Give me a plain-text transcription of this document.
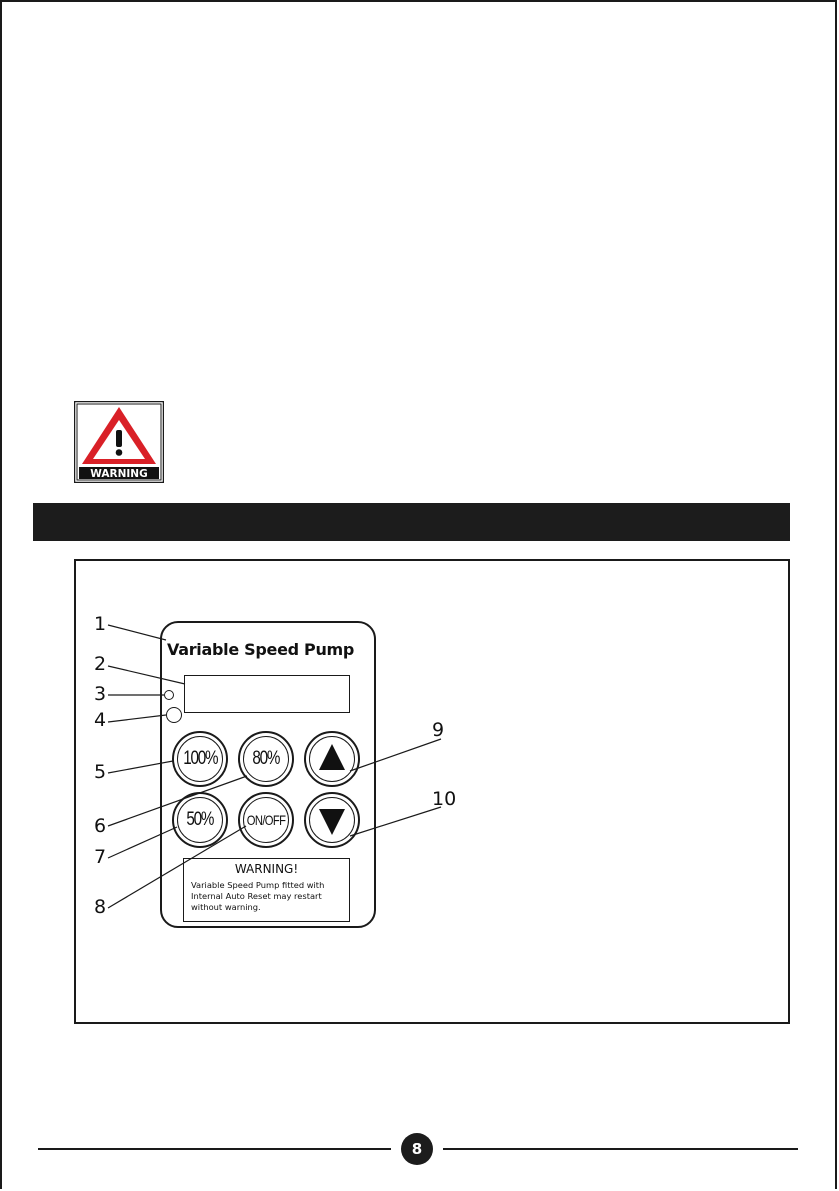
WARNING
Variable Speed Pump
100% 80%
50% ON/OFF
WARNING!
Variable Speed Pump fitted with
Internal Auto Reset may restart
without warning.
1
2
3
4
5
6
7
8
9
10
8
